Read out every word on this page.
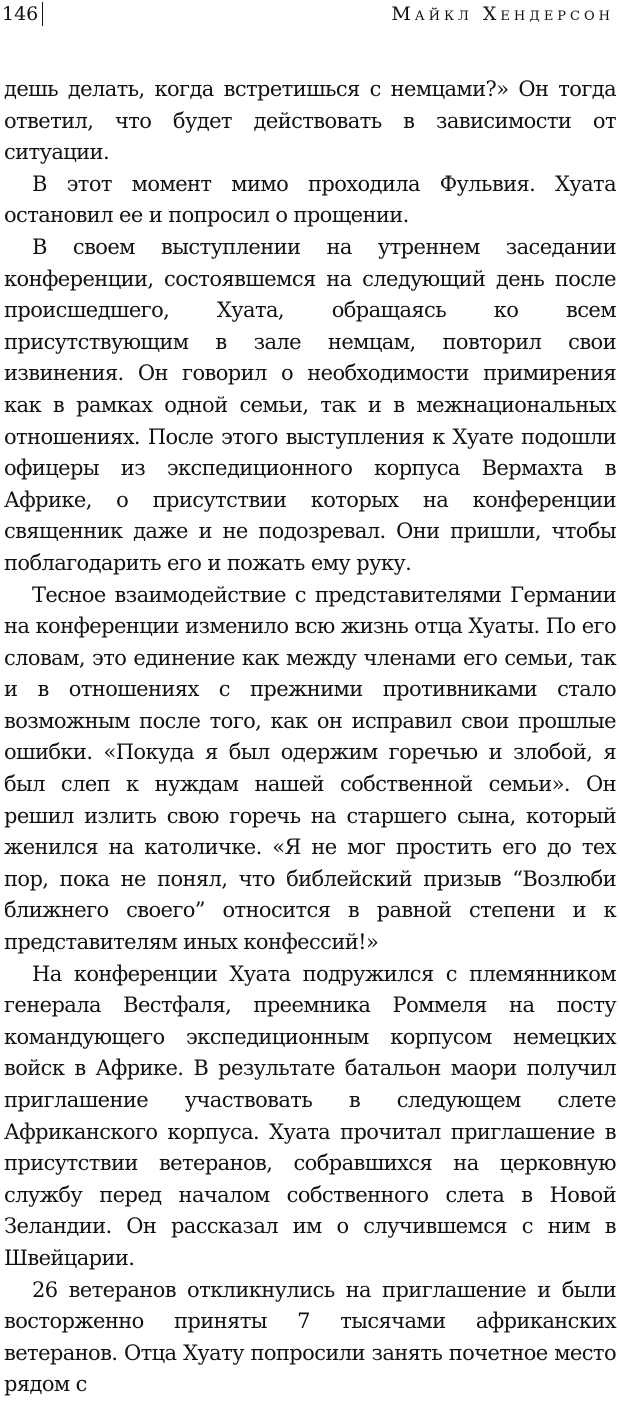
146	Майкл Хендерсон

дешь делать, когда встретишься с немцами?» Он тогда ответил, что будет действовать в зависимости от ситуации.

В этот момент мимо проходила Фульвия. Хуата остановил ее и попросил о прощении.

В своем выступлении на утреннем заседании конференции, состоявшемся на следующий день после происшедшего, Хуата, обращаясь ко всем присутствующим в зале немцам, повторил свои извинения. Он говорил о необходимости примирения как в рамках одной семьи, так и в межнациональных отношениях. После этого выступления к Хуате подошли офицеры из экспедиционного корпуса Вермахта в Африке, о присутствии которых на конференции священник даже и не подозревал. Они пришли, чтобы поблагодарить его и пожать ему руку.

Тесное взаимодействие с представителями Германии на конференции изменило всю жизнь отца Хуаты. По его словам, это единение как между членами его семьи, так и в отношениях с прежними противниками стало возможным после того, как он исправил свои прошлые ошибки. «Покуда я был одержим горечью и злобой, я был слеп к нуждам нашей собственной семьи». Он решил излить свою горечь на старшего сына, который женился на католичке. «Я не мог простить его до тех пор, пока не понял, что библейский призыв “Возлюби ближнего своего” относится в равной степени и к представителям иных конфессий!»

На конференции Хуата подружился с племянником генерала Вестфаля, преемника Роммеля на посту командующего экспедиционным корпусом немецких войск в Африке. В результате батальон маори получил приглашение участвовать в следующем слете Африканского корпуса. Хуата прочитал приглашение в присутствии ветеранов, собравшихся на церковную службу перед началом собственного слета в Новой Зеландии. Он рассказал им о случившемся с ним в Швейцарии.

26 ветеранов откликнулись на приглашение и были восторженно приняты 7 тысячами африканских ветеранов. Отца Хуату попросили занять почетное место рядом с
